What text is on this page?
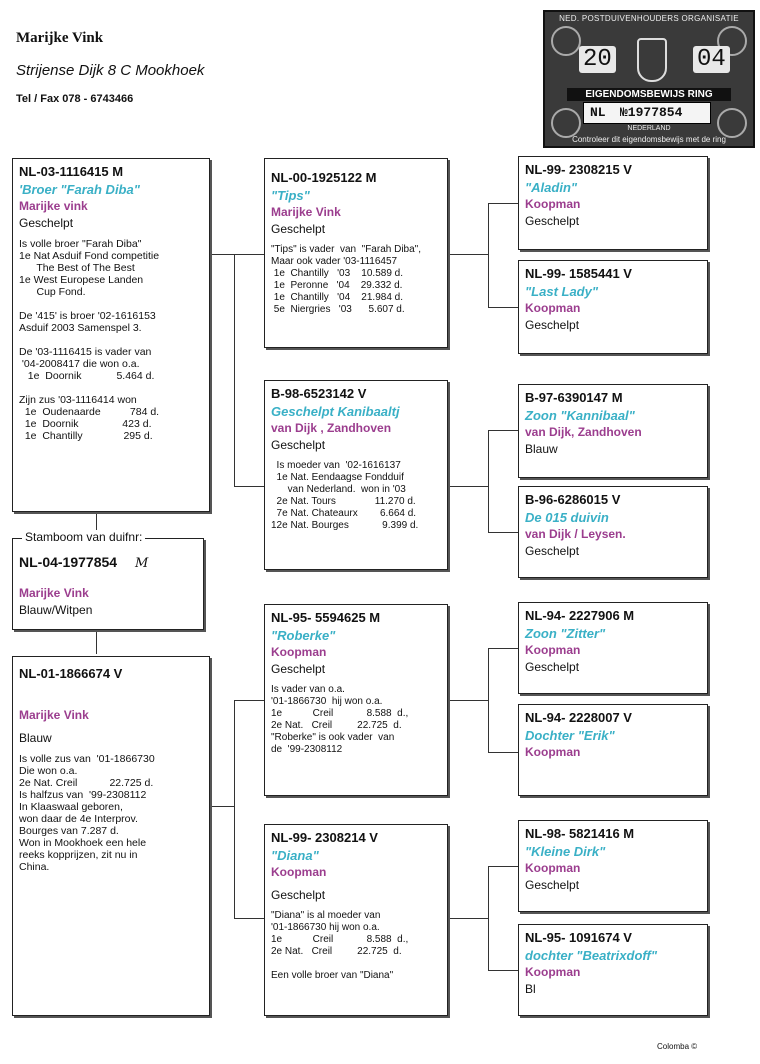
Marijke Vink
Strijense Dijk 8 C Mookhoek
Tel / Fax 078 - 6743466
NED. POSTDUIVENHOUDERS ORGANISATIE
20	04
EIGENDOMSBEWIJS RING
NL №1977854
NEDERLAND
Controleer dit eigendomsbewijs met de ring
NL-03-1116415 M
'Broer "Farah Diba"
Marijke vink
Geschelpt
Is volle broer "Farah Diba"
1e Nat Asduif Fond competitie
The Best of The Best
1e West Europese Landen
Cup Fond.

De '415' is broer '02-1616153
Asduif 2003 Samenspel 3.

De '03-1116415 is vader van
'04-2008417 die won o.a.
1e  Doornik            5.464 d.

Zijn zus '03-1116414 won
1e  Oudenaarde          784 d.
1e  Doornik               423 d.
1e  Chantilly              295 d.
NL-04-1977854 M
Marijke Vink
Blauw/Witpen
Stamboom van duifnr:
NL-01-1866674 V
Marijke Vink
Blauw
Is volle zus van  '01-1866730
Die won o.a.
2e Nat. Creil           22.725 d.
Is halfzus van  '99-2308112
In Klaaswaal geboren,
won daar de 4e Interprov.
Bourges van 7.287 d.
Won in Mookhoek een hele
reeks kopprijzen, zit nu in
China.
NL-00-1925122 M
"Tips"
Marijke Vink
Geschelpt
"Tips" is vader  van  "Farah Diba",
Maar ook vader '03-1116457
1e  Chantilly   '03    10.589 d.
1e  Peronne   '04    29.332 d.
1e  Chantilly   '04    21.984 d.
5e  Niergries   '03      5.607 d.
B-98-6523142 V
Geschelpt Kanibaaltj
van Dijk , Zandhoven
Geschelpt
Is moeder van  '02-1616137
1e Nat. Eendaagse Fondduif
van Nederland.  won in '03
2e Nat. Tours              11.270 d.
7e Nat. Chateaurx        6.664 d.
12e Nat. Bourges            9.399 d.
NL-95- 5594625 M
"Roberke"
Koopman
Geschelpt
Is vader van o.a.
'01-1866730  hij won o.a.
1e           Creil            8.588  d.,
2e Nat.   Creil         22.725  d.
"Roberke" is ook vader  van
de  '99-2308112
NL-99- 2308214 V
"Diana"
Koopman
Geschelpt
"Diana" is al moeder van
'01-1866730 hij won o.a.
1e           Creil            8.588  d.,
2e Nat.   Creil         22.725  d.

Een volle broer van "Diana"
NL-99- 2308215 V
"Aladin"
Koopman
Geschelpt
NL-99- 1585441 V
"Last Lady"
Koopman
Geschelpt
B-97-6390147 M
Zoon "Kannibaal"
van Dijk, Zandhoven
Blauw
B-96-6286015 V
De 015 duivin
van Dijk / Leysen.
Geschelpt
NL-94- 2227906 M
Zoon "Zitter"
Koopman
Geschelpt
NL-94- 2228007 V
Dochter "Erik"
Koopman
NL-98- 5821416 M
"Kleine Dirk"
Koopman
Geschelpt
NL-95- 1091674 V
dochter "Beatrixdoff"
Koopman
Bl
Colomba ©
